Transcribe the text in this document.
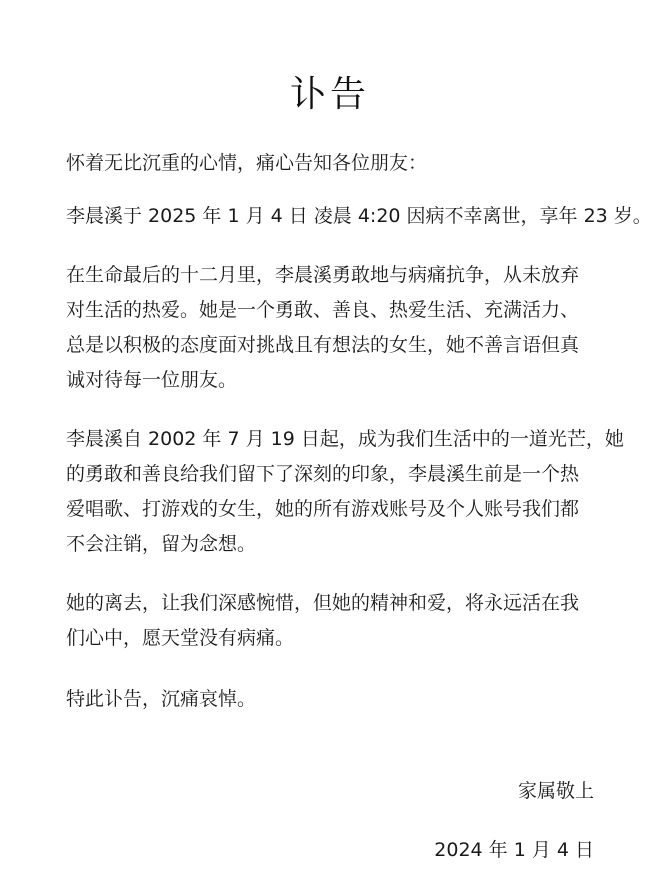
讣告

怀着无比沉重的心情，痛心告知各位朋友：

李晨溪于 2025 年 1 月 4 日 凌晨 4:20 因病不幸离世，享年 23 岁。

在生命最后的十二月里，李晨溪勇敢地与病痛抗争，从未放弃
对生活的热爱。她是一个勇敢、善良、热爱生活、充满活力、
总是以积极的态度面对挑战且有想法的女生，她不善言语但真
诚对待每一位朋友。

李晨溪自 2002 年 7 月 19 日起，成为我们生活中的一道光芒，她
的勇敢和善良给我们留下了深刻的印象，李晨溪生前是一个热
爱唱歌、打游戏的女生，她的所有游戏账号及个人账号我们都
不会注销，留为念想。

她的离去，让我们深感惋惜，但她的精神和爱，将永远活在我
们心中，愿天堂没有病痛。

特此讣告，沉痛哀悼。

家属敬上
2024 年 1 月 4 日
